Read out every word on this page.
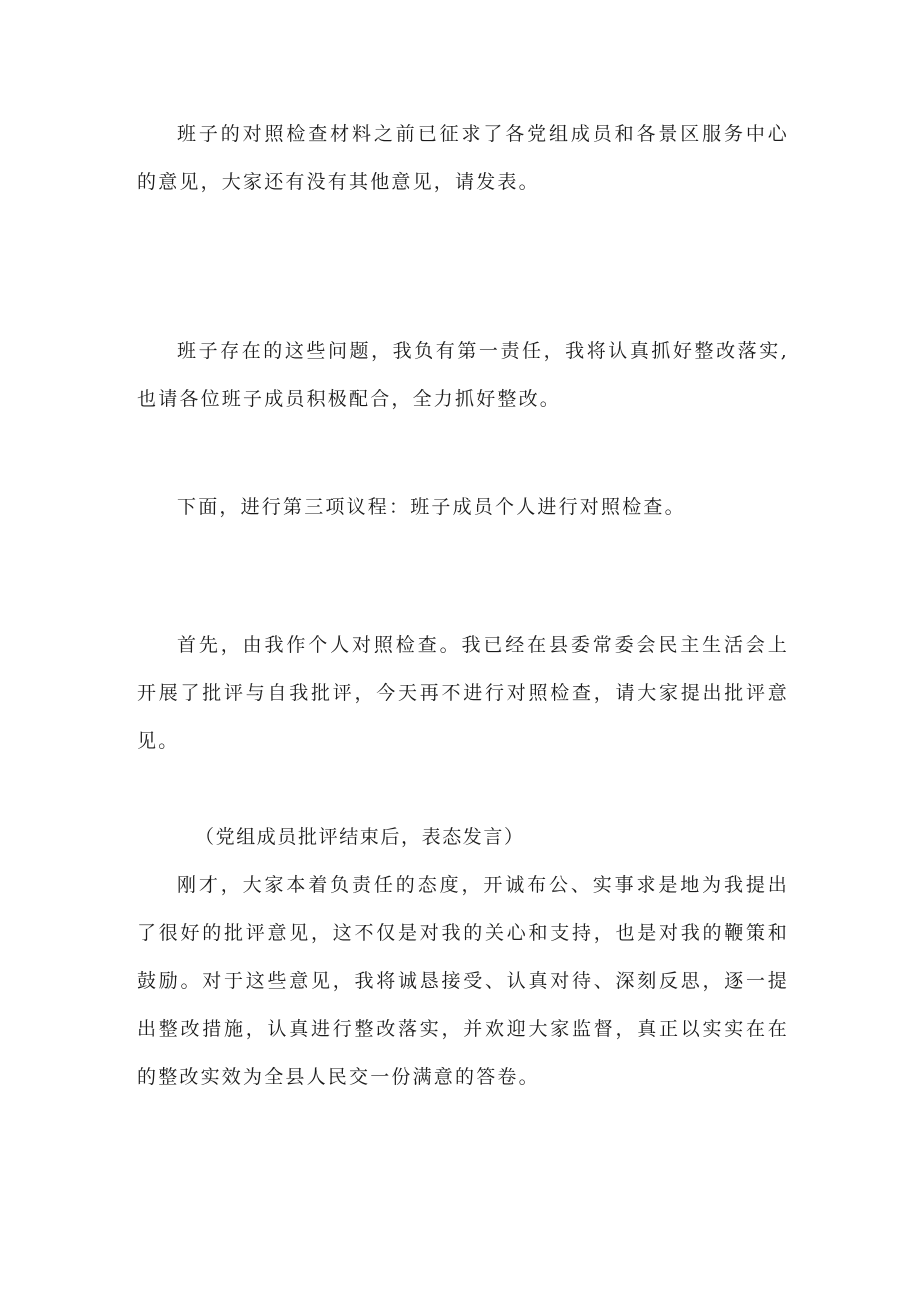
班子的对照检查材料之前已征求了各党组成员和各景区服务中心的意见，大家还有没有其他意见，请发表。

班子存在的这些问题，我负有第一责任，我将认真抓好整改落实,也请各位班子成员积极配合，全力抓好整改。

下面，进行第三项议程：班子成员个人进行对照检查。

首先，由我作个人对照检查。我已经在县委常委会民主生活会上开展了批评与自我批评，今天再不进行对照检查，请大家提出批评意见。

（党组成员批评结束后，表态发言）

刚才，大家本着负责任的态度，开诚布公、实事求是地为我提出了很好的批评意见，这不仅是对我的关心和支持，也是对我的鞭策和鼓励。对于这些意见，我将诚恳接受、认真对待、深刻反思，逐一提出整改措施，认真进行整改落实，并欢迎大家监督，真正以实实在在的整改实效为全县人民交一份满意的答卷。
